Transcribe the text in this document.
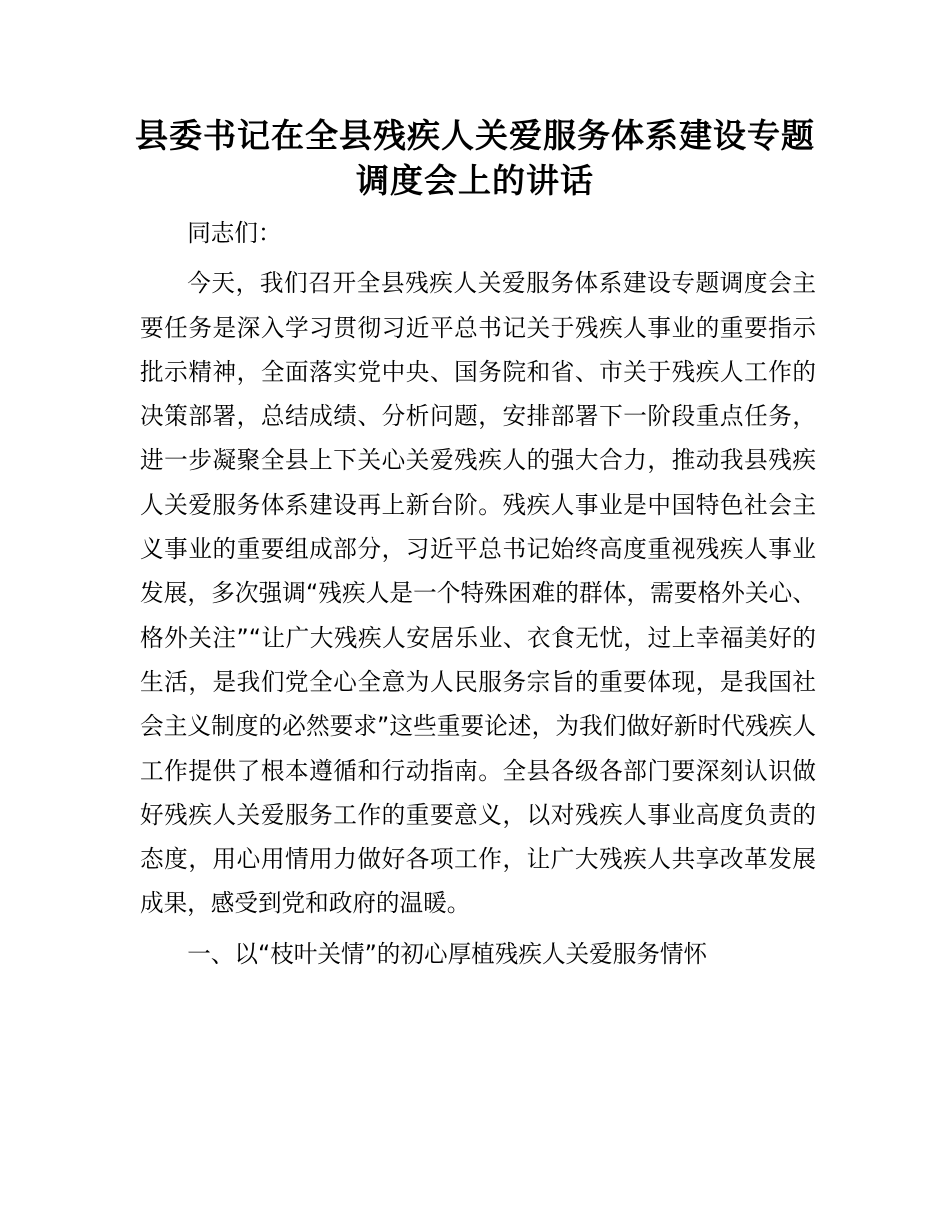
县委书记在全县残疾人关爱服务体系建设专题
调度会上的讲话

同志们：

今天，我们召开全县残疾人关爱服务体系建设专题调度会主要任务是深入学习贯彻习近平总书记关于残疾人事业的重要指示批示精神，全面落实党中央、国务院和省、市关于残疾人工作的决策部署，总结成绩、分析问题，安排部署下一阶段重点任务，进一步凝聚全县上下关心关爱残疾人的强大合力，推动我县残疾人关爱服务体系建设再上新台阶。残疾人事业是中国特色社会主义事业的重要组成部分，习近平总书记始终高度重视残疾人事业发展，多次强调“残疾人是一个特殊困难的群体，需要格外关心、格外关注”“让广大残疾人安居乐业、衣食无忧，过上幸福美好的生活，是我们党全心全意为人民服务宗旨的重要体现，是我国社会主义制度的必然要求”这些重要论述，为我们做好新时代残疾人工作提供了根本遵循和行动指南。全县各级各部门要深刻认识做好残疾人关爱服务工作的重要意义，以对残疾人事业高度负责的态度，用心用情用力做好各项工作，让广大残疾人共享改革发展成果，感受到党和政府的温暖。

一、以“枝叶关情”的初心厚植残疾人关爱服务情怀
